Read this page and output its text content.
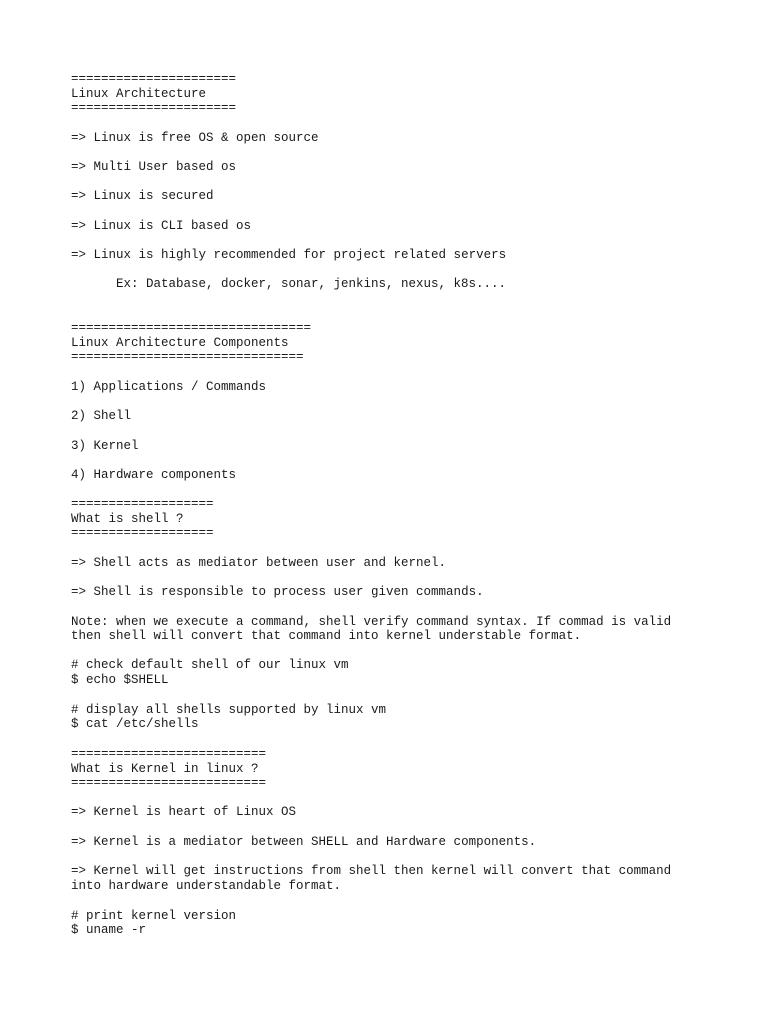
======================

Linux Architecture

======================

=> Linux is free OS & open source

=> Multi User based os

=> Linux is secured

=> Linux is CLI based os

=> Linux is highly recommended for project related servers

Ex: Database, docker, sonar, jenkins, nexus, k8s....

================================

Linux Architecture Components

===============================

1) Applications / Commands

2) Shell

3) Kernel

4) Hardware components

===================

What is shell ?

===================

=> Shell acts as mediator between user and kernel.

=> Shell is responsible to process user given commands.

Note: when we execute a command, shell verify command syntax. If commad is valid

then shell will convert that command into kernel understable format.

# check default shell of our linux vm

$ echo $SHELL

# display all shells supported by linux vm

$ cat /etc/shells

==========================

What is Kernel in linux ?

==========================

=> Kernel is heart of Linux OS

=> Kernel is a mediator between SHELL and Hardware components.

=> Kernel will get instructions from shell then kernel will convert that command

into hardware understandable format.

# print kernel version

$ uname -r
